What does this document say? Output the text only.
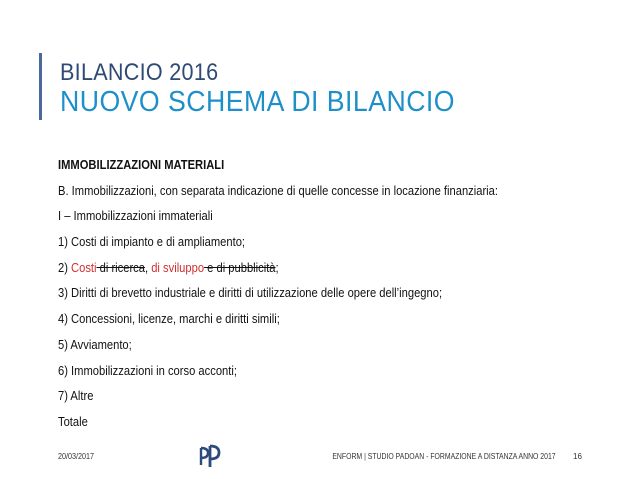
BILANCIO 2016
NUOVO SCHEMA DI BILANCIO
IMMOBILIZZAZIONI MATERIALI
B. Immobilizzazioni, con separata indicazione di quelle concesse in locazione finanziaria:
I – Immobilizzazioni immateriali
1) Costi di impianto e di ampliamento;
2) Costi di ricerca, di sviluppo e di pubblicità;
3) Diritti di brevetto industriale e diritti di utilizzazione delle opere dell’ingegno;
4) Concessioni, licenze, marchi e diritti simili;
5) Avviamento;
6) Immobilizzazioni in corso acconti;
7) Altre
Totale
20/03/2017	ENFORM | STUDIO PADOAN - FORMAZIONE A DISTANZA ANNO 2017 16
